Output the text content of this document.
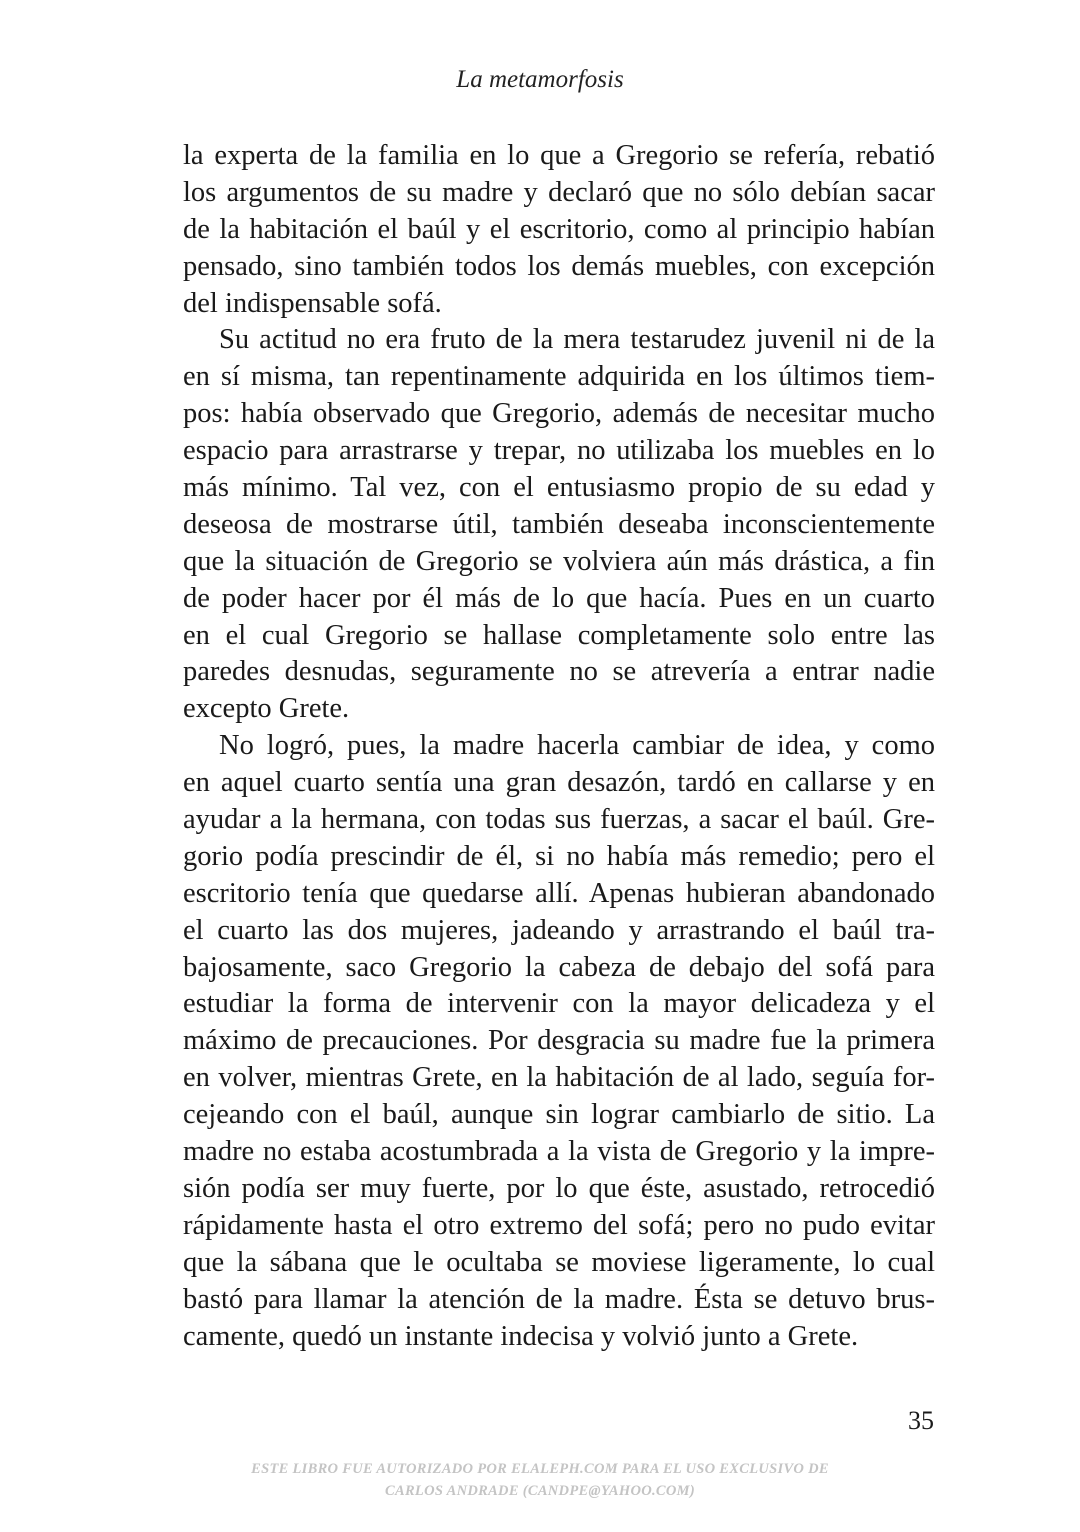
La metamorfosis
la experta de la familia en lo que a Gregorio se refería, rebatió
los argumentos de su madre y declaró que no sólo debían sacar
de la habitación el baúl y el escritorio, como al principio habían
pensado, sino también todos los demás muebles, con excepción
del indispensable sofá.
Su actitud no era fruto de la mera testarudez juvenil ni de la
en sí misma, tan repentinamente adquirida en los últimos tiem-
pos: había observado que Gregorio, además de necesitar mucho
espacio para arrastrarse y trepar, no utilizaba los muebles en lo
más mínimo. Tal vez, con el entusiasmo propio de su edad y
deseosa de mostrarse útil, también deseaba inconscientemente
que la situación de Gregorio se volviera aún más drástica, a fin
de poder hacer por él más de lo que hacía. Pues en un cuarto
en el cual Gregorio se hallase completamente solo entre las
paredes desnudas, seguramente no se atrevería a entrar nadie
excepto Grete.
No logró, pues, la madre hacerla cambiar de idea, y como
en aquel cuarto sentía una gran desazón, tardó en callarse y en
ayudar a la hermana, con todas sus fuerzas, a sacar el baúl. Gre-
gorio podía prescindir de él, si no había más remedio; pero el
escritorio tenía que quedarse allí. Apenas hubieran abandonado
el cuarto las dos mujeres, jadeando y arrastrando el baúl tra-
bajosamente, saco Gregorio la cabeza de debajo del sofá para
estudiar la forma de intervenir con la mayor delicadeza y el
máximo de precauciones. Por desgracia su madre fue la primera
en volver, mientras Grete, en la habitación de al lado, seguía for-
cejeando con el baúl, aunque sin lograr cambiarlo de sitio. La
madre no estaba acostumbrada a la vista de Gregorio y la impre-
sión podía ser muy fuerte, por lo que éste, asustado, retrocedió
rápidamente hasta el otro extremo del sofá; pero no pudo evitar
que la sábana que le ocultaba se moviese ligeramente, lo cual
bastó para llamar la atención de la madre. Ésta se detuvo brus-
camente, quedó un instante indecisa y volvió junto a Grete.
35
ESTE LIBRO FUE AUTORIZADO POR ELALEPH.COM PARA EL USO EXCLUSIVO DE
CARLOS ANDRADE (CANDPE@YAHOO.COM)
